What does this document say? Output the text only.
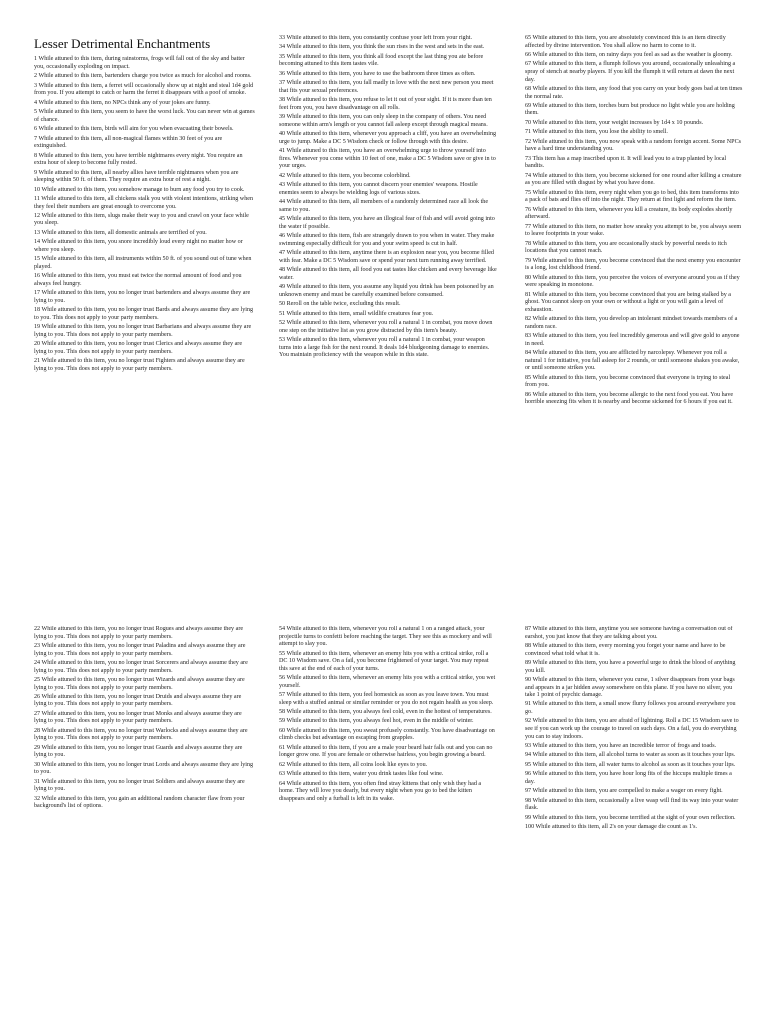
Lesser Detrimental Enchantments

1 While attuned to this item, during rainstorms, frogs will fall out of the sky and batter you, occasionally exploding on impact.

2 While attuned to this item, bartenders charge you twice as much for alcohol and rooms.

3 While attuned to this item, a ferret will occasionally show up at night and steal 1d4 gold from you. If you attempt to catch or harm the ferret it disappears with a poof of smoke.

4 While attuned to this item, no NPCs think any of your jokes are funny.

5 While attuned to this item, you seem to have the worst luck. You can never win at games of chance.

6 While attuned to this item, birds will aim for you when evacuating their bowels.

7 While attuned to this item, all non-magical flames within 30 feet of you are extinguished.

8 While attuned to this item, you have terrible nightmares every night. You require an extra hour of sleep to become fully rested.

9 While attuned to this item, all nearby allies have terrible nightmares when you are sleeping within 50 ft. of them. They require an extra hour of rest a night.

10 While attuned to this item, you somehow manage to burn any food you try to cook.

11 While attuned to this item, all chickens stalk you with violent intentions, striking when they feel their numbers are great enough to overcome you.

12 While attuned to this item, slugs make their way to you and crawl on your face while you sleep.

13 While attuned to this item, all domestic animals are terrified of you.

14 While attuned to this item, you snore incredibly loud every night no matter how or where you sleep.

15 While attuned to this item, all instruments within 50 ft. of you sound out of tune when played.

16 While attuned to this item, you must eat twice the normal amount of food and you always feel hungry.

17 While attuned to this item, you no longer trust bartenders and always assume they are lying to you.

18 While attuned to this item, you no longer trust Bards and always assume they are lying to you. This does not apply to your party members.

19 While attuned to this item, you no longer trust Barbarians and always assume they are lying to you. This does not apply to your party members.

20 While attuned to this item, you no longer trust Clerics and always assume they are lying to you. This does not apply to your party members.

21 While attuned to this item, you no longer trust Fighters and always assume they are lying to you. This does not apply to your party members.

33 While attuned to this item, you constantly confuse your left from your right.

34 While attuned to this item, you think the sun rises in the west and sets in the east.

35 While attuned to this item, you think all food except the last thing you ate before becoming attuned to this item tastes vile.

36 While attuned to this item, you have to use the bathroom three times as often.

37 While attuned to this item, you fall madly in love with the next new person you meet that fits your sexual preferences.

38 While attuned to this item, you refuse to let it out of your sight. If it is more than ten feet from you, you have disadvantage on all rolls.

39 While attuned to this item, you can only sleep in the company of others. You need someone within arm's length or you cannot fall asleep except through magical means.

40 While attuned to this item, whenever you approach a cliff, you have an overwhelming urge to jump. Make a DC 5 Wisdom check or follow through with this desire.

41 While attuned to this item, you have an overwhelming urge to throw yourself into fires. Whenever you come within 10 feet of one, make a DC 5 Wisdom save or give in to your urges.

42 While attuned to this item, you become colorblind.

43 While attuned to this item, you cannot discern your enemies' weapons. Hostile enemies seem to always be wielding logs of various sizes.

44 While attuned to this item, all members of a randomly determined race all look the same to you.

45 While attuned to this item, you have an illogical fear of fish and will avoid going into the water if possible.

46 While attuned to this item, fish are strangely drawn to you when in water. They make swimming especially difficult for you and your swim speed is cut in half.

47 While attuned to this item, anytime there is an explosion near you, you become filled with fear. Make a DC 5 Wisdom save or spend your next turn running away terrified.

48 While attuned to this item, all food you eat tastes like chicken and every beverage like water.

49 While attuned to this item, you assume any liquid you drink has been poisoned by an unknown enemy and must be carefully examined before consumed.

50 Reroll on the table twice, excluding this result.

51 While attuned to this item, small wildlife creatures fear you.

52 While attuned to this item, whenever you roll a natural 1 in combat, you move down one step on the initiative list as you grow distracted by this item's beauty.

53 While attuned to this item, whenever you roll a natural 1 in combat, your weapon turns into a large fish for the next round. It deals 1d4 bludgeoning damage to enemies. You maintain proficiency with the weapon while in this state.

65 While attuned to this item, you are absolutely convinced this is an item directly affected by divine intervention. You shall allow no harm to come to it.

66 While attuned to this item, on rainy days you feel as sad as the weather is gloomy.

67 While attuned to this item, a flumph follows you around, occasionally unleashing a spray of stench at nearby players. If you kill the flumph it will return at dawn the next day.

68 While attuned to this item, any food that you carry on your body goes bad at ten times the normal rate.

69 While attuned to this item, torches burn but produce no light while you are holding them.

70 While attuned to this item, your weight increases by 1d4 x 10 pounds.

71 While attuned to this item, you lose the ability to smell.

72 While attuned to this item, you now speak with a random foreign accent. Some NPCs have a hard time understanding you.

73 This item has a map inscribed upon it. It will lead you to a trap planted by local bandits.

74 While attuned to this item, you become sickened for one round after killing a creature as you are filled with disgust by what you have done.

75 While attuned to this item, every night when you go to bed, this item transforms into a pack of bats and flies off into the night. They return at first light and reform the item.

76 While attuned to this item, whenever you kill a creature, its body explodes shortly afterward.

77 While attuned to this item, no matter how sneaky you attempt to be, you always seem to leave footprints in your wake.

78 While attuned to this item, you are occasionally stuck by powerful needs to itch locations that you cannot reach.

79 While attuned to this item, you become convinced that the next enemy you encounter is a long, lost childhood friend.

80 While attuned to this item, you perceive the voices of everyone around you as if they were speaking in monotone.

81 While attuned to this item, you become convinced that you are being stalked by a ghost. You cannot sleep on your own or without a light or you will gain a level of exhaustion.

82 While attuned to this item, you develop an intolerant mindset towards members of a random race.

83 While attuned to this item, you feel incredibly generous and will give gold to anyone in need.

84 While attuned to this item, you are afflicted by narcolepsy. Whenever you roll a natural 1 for initiative, you fall asleep for 2 rounds, or until someone shakes you awake, or until someone strikes you.

85 While attuned to this item, you become convinced that everyone is trying to steal from you.

86 While attuned to this item, you become allergic to the next food you eat. You have horrible sneezing fits when it is nearby and become sickened for 6 hours if you eat it.

22 While attuned to this item, you no longer trust Rogues and always assume they are lying to you. This does not apply to your party members.

23 While attuned to this item, you no longer trust Paladins and always assume they are lying to you. This does not apply to your party members.

24 While attuned to this item, you no longer trust Sorcerers and always assume they are lying to you. This does not apply to your party members.

25 While attuned to this item, you no longer trust Wizards and always assume they are lying to you. This does not apply to your party members.

26 While attuned to this item, you no longer trust Druids and always assume they are lying to you. This does not apply to your party members.

27 While attuned to this item, you no longer trust Monks and always assume they are lying to you. This does not apply to your party members.

28 While attuned to this item, you no longer trust Warlocks and always assume they are lying to you. This does not apply to your party members.

29 While attuned to this item, you no longer trust Guards and always assume they are lying to you.

30 While attuned to this item, you no longer trust Lords and always assume they are lying to you.

31 While attuned to this item, you no longer trust Soldiers and always assume they are lying to you.

32 While attuned to this item, you gain an additional random character flaw from your background's list of options.

54 While attuned to this item, whenever you roll a natural 1 on a ranged attack, your projectile turns to confetti before reaching the target. They see this as mockery and will attempt to slay you.

55 While attuned to this item, whenever an enemy hits you with a critical strike, roll a DC 10 Wisdom save. On a fail, you become frightened of your target. You may repeat this save at the end of each of your turns.

56 While attuned to this item, whenever an enemy hits you with a critical strike, you wet yourself.

57 While attuned to this item, you feel homesick as soon as you leave town. You must sleep with a stuffed animal or similar reminder or you do not regain health as you sleep.

58 While attuned to this item, you always feel cold, even in the hottest of temperatures.

59 While attuned to this item, you always feel hot, even in the middle of winter.

60 While attuned to this item, you sweat profusely constantly. You have disadvantage on climb checks but advantage on escaping from grapples.

61 While attuned to this item, if you are a male your beard hair falls out and you can no longer grow one. If you are female or otherwise hairless, you begin growing a beard.

62 While attuned to this item, all coins look like eyes to you.

63 While attuned to this item, water you drink tastes like foul wine.

64 While attuned to this item, you often find stray kittens that only wish they had a home. They will love you dearly, but every night when you go to bed the kitten disappears and only a furball is left in its wake.

87 While attuned to this item, anytime you see someone having a conversation out of earshot, you just know that they are talking about you.

88 While attuned to this item, every morning you forget your name and have to be convinced what told what it is.

89 While attuned to this item, you have a powerful urge to drink the blood of anything you kill.

90 While attuned to this item, whenever you curse, 1 silver disappears from your bags and appears in a jar hidden away somewhere on this plane. If you have no silver, you take 1 point of psychic damage.

91 While attuned to this item, a small snow flurry follows you around everywhere you go.

92 While attuned to this item, you are afraid of lightning. Roll a DC 15 Wisdom save to see if you can work up the courage to travel on such days. On a fail, you do everything you can to stay indoors.

93 While attuned to this item, you have an incredible terror of frogs and toads.

94 While attuned to this item, all alcohol turns to water as soon as it touches your lips.

95 While attuned to this item, all water turns to alcohol as soon as it touches your lips.

96 While attuned to this item, you have hour long fits of the hiccups multiple times a day.

97 While attuned to this item, you are compelled to make a wager on every fight.

98 While attuned to this item, occasionally a live wasp will find its way into your water flask.

99 While attuned to this item, you become terrified at the sight of your own reflection.

100 While attuned to this item, all 2's on your damage die count as 1's.
